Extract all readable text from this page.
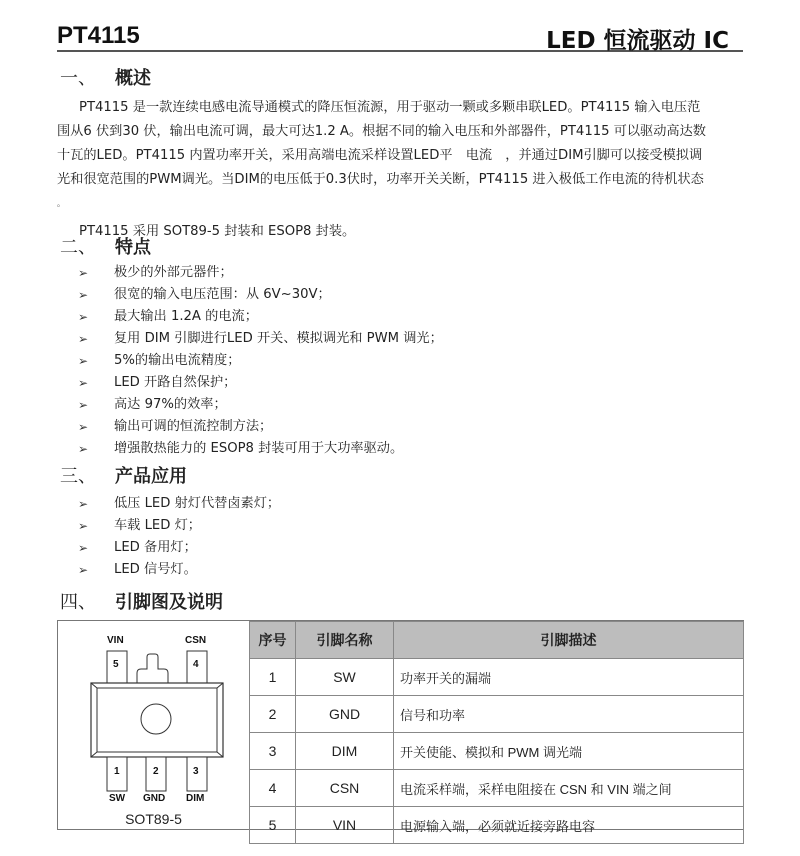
PT4115	LED 恒流驱动 IC
一、 概述

PT4115 是一款连续电感电流导通模式的降压恒流源，用于驱动一颗或多颗串联LED。PT4115 输入电压范

围从6 伏到30 伏，输出电流可调，最大可达1.2 A。根据不同的输入电压和外部器件，PT4115 可以驱动高达数

十瓦的LED。PT4115 内置功率开关，采用高端电流采样设置LED平　电流　，并通过DIM引脚可以接受模拟调

光和很宽范围的PWM调光。当DIM的电压低于0.3伏时，功率开关关断，PT4115 进入极低工作电流的待机状态

。

PT4115 采用 SOT89-5 封装和 ESOP8 封装。

二、 特点
➢	极少的外部元器件；
➢	很宽的输入电压范围：从 6V~30V；
➢	最大输出 1.2A 的电流；
➢	复用 DIM 引脚进行LED 开关、模拟调光和 PWM 调光；
➢	5%的输出电流精度；
➢	LED 开路自然保护；
➢	高达 97%的效率；
➢	输出可调的恒流控制方法；
➢	增强散热能力的 ESOP8 封装可用于大功率驱动。
三、 产品应用
➢	低压 LED 射灯代替卤素灯；
➢	车载 LED 灯；
➢	LED 备用灯；
➢	LED 信号灯。
四、 引脚图及说明
VIN
5
CSN
4
1	2	3
SW GND DIM
SOT89-5
序号	引脚名称	引脚描述
1	SW	功率开关的漏端
2	GND	信号和功率
3	DIM	开关使能、模拟和 PWM 调光端
4	CSN	电流采样端，采样电阻接在 CSN 和 VIN 端之间
5	VIN	电源输入端，必须就近接旁路电容
